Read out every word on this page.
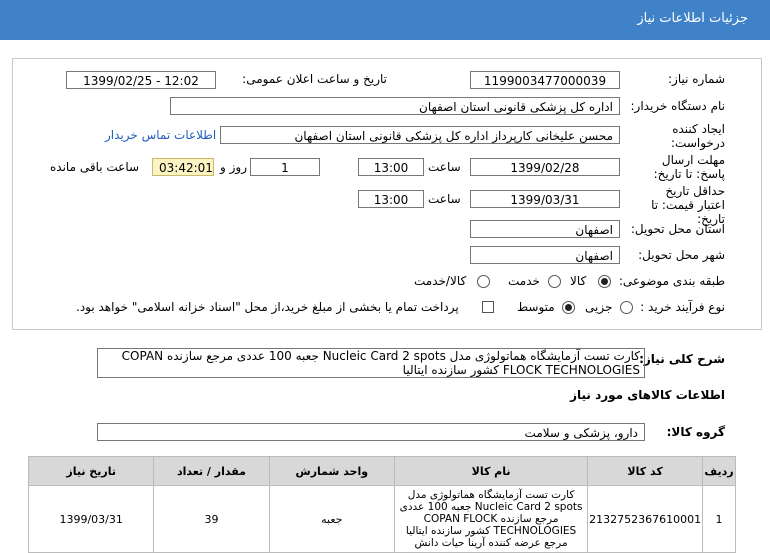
جزئیات اطلاعات نیاز
شماره نیاز:
1199003477000039
تاریخ و ساعت اعلان عمومی:
1399/02/25 - 12:02
نام دستگاه خریدار:
اداره کل پزشکی قانونی استان اصفهان
ایجاد کننده درخواست:
محسن علیخانی کارپرداز اداره کل پزشکی قانونی استان اصفهان
اطلاعات تماس خریدار
مهلت ارسال پاسخ: تا تاریخ:
1399/02/28
ساعت
13:00
1
روز و
03:42:01
ساعت باقی مانده
حداقل تاریخ اعتبار قیمت: تا تاریخ:
1399/03/31
ساعت
13:00
استان محل تحویل:
اصفهان
شهر محل تحویل:
اصفهان
طبقه بندی موضوعی:
کالا
خدمت
کالا/خدمت
نوع فرآیند خرید :
جزیی
متوسط
پرداخت تمام یا بخشی از مبلغ خرید،از محل "اسناد خزانه اسلامی" خواهد بود.
شرح کلی نیاز:
کارت تست آزمایشگاه هماتولوژی مدل Nucleic Card 2 spots جعبه 100 عددی مرجع سازنده COPAN FLOCK TECHNOLOGIES کشور سازنده ایتالیا
اطلاعات کالاهای مورد نیاز
گروه کالا:
دارو، پزشکی و سلامت
ردیف	کد کالا	نام کالا	واحد شمارش	مقدار / تعداد	تاریخ نیاز
1	2132752367610001	کارت تست آزمایشگاه هماتولوژی مدل Nucleic Card 2 spots جعبه 100 عددی مرجع سازنده COPAN FLOCK TECHNOLOGIES کشور سازنده ایتالیا مرجع عرضه کننده آرینا حیات دانش	جعبه	39	1399/03/31
